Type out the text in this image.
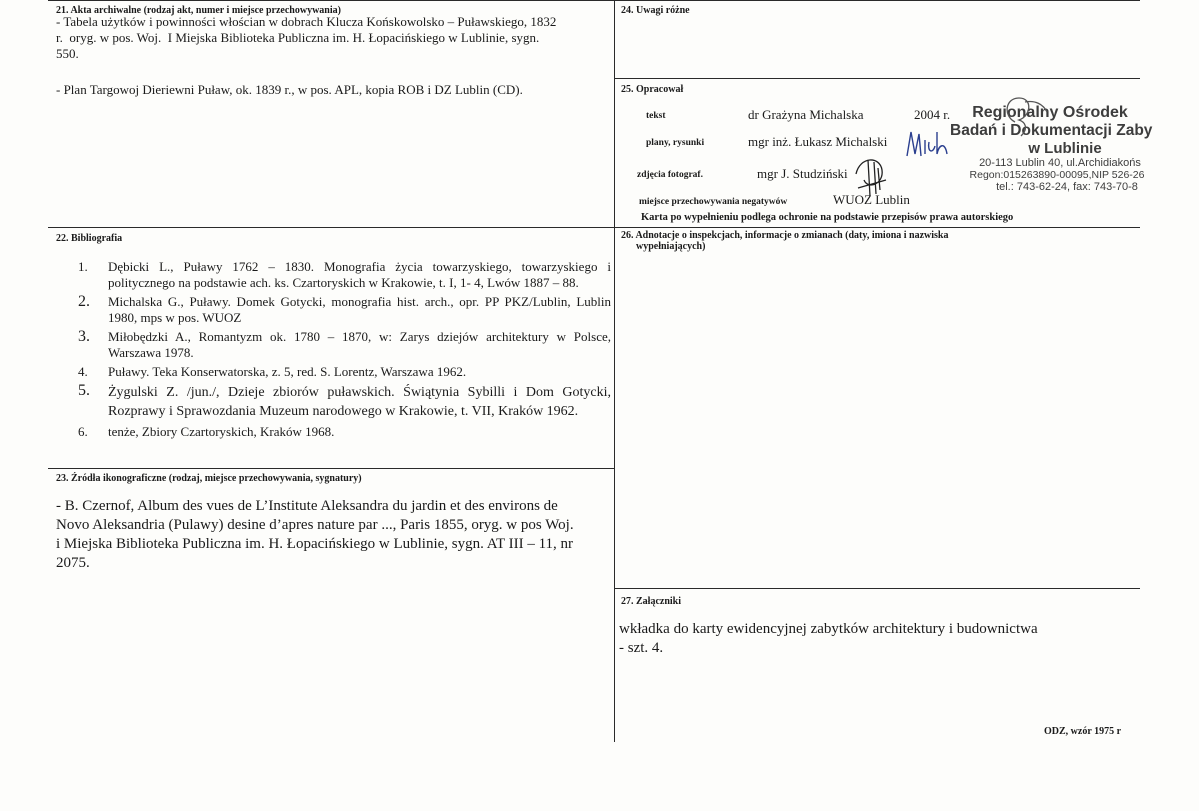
21. Akta archiwalne (rodzaj akt, numer i miejsce przechowywania)
- Tabela użytków i powinności włościan w dobrach Klucza Końskowolsko – Puławskiego, 1832
r.  oryg. w pos. Woj.  I Miejska Biblioteka Publiczna im. H. Łopacińskiego w Lublinie, sygn.
550.
- Plan Targowoj Dieriewni Puław, ok. 1839 r., w pos. APL, kopia ROB i DZ Lublin (CD).
24. Uwagi różne
25. Opracował
tekst	dr Grażyna Michalska	2004 r.
plany, rysunki	mgr inż. Łukasz Michalski
zdjęcia fotograf.	mgr J. Studziński
miejsce przechowywania negatywów	WUOZ Lublin
Karta po wypełnieniu podlega ochronie na podstawie przepisów prawa autorskiego
Regionalny Ośrodek
Badań i Dokumentacji Zaby
w Lublinie
20-113 Lublin 40, ul.Archidiakońs
Regon:015263890-00095,NIP 526-26
tel.: 743-62-24, fax: 743-70-8
22. Bibliografia
1. Dębicki L., Puławy 1762 – 1830. Monografia życia towarzyskiego, towarzyskiego i politycznego na podstawie ach. ks. Czartoryskich w Krakowie, t. I, 1- 4, Lwów 1887 – 88.
2. Michalska G., Puławy. Domek Gotycki, monografia hist. arch., opr. PP PKZ/Lublin, Lublin 1980, mps w pos. WUOZ
3. Miłobędzki A., Romantyzm ok. 1780 – 1870, w: Zarys dziejów architektury w Polsce, Warszawa 1978.
4. Puławy. Teka Konserwatorska, z. 5, red. S. Lorentz, Warszawa 1962.
5. Żygulski Z. /jun./, Dzieje zbiorów puławskich. Świątynia Sybilli i Dom Gotycki, Rozprawy i Sprawozdania Muzeum narodowego w Krakowie, t. VII, Kraków 1962.
6. tenże, Zbiory Czartoryskich, Kraków 1968.
23. Źródła ikonograficzne (rodzaj, miejsce przechowywania, sygnatury)
- B. Czernof, Album des vues de L’Institute Aleksandra du jardin et des environs de
Novo Aleksandria (Pulawy) desine d’apres nature par ..., Paris 1855, oryg. w pos Woj.
i Miejska Biblioteka Publiczna im. H. Łopacińskiego w Lublinie, sygn. AT III – 11, nr
2075.
26. Adnotacje o inspekcjach, informacje o zmianach (daty, imiona i nazwiska
wypełniających)
27. Załączniki
wkładka do karty ewidencyjnej zabytków architektury i budownictwa
- szt. 4.
ODZ, wzór 1975 r
